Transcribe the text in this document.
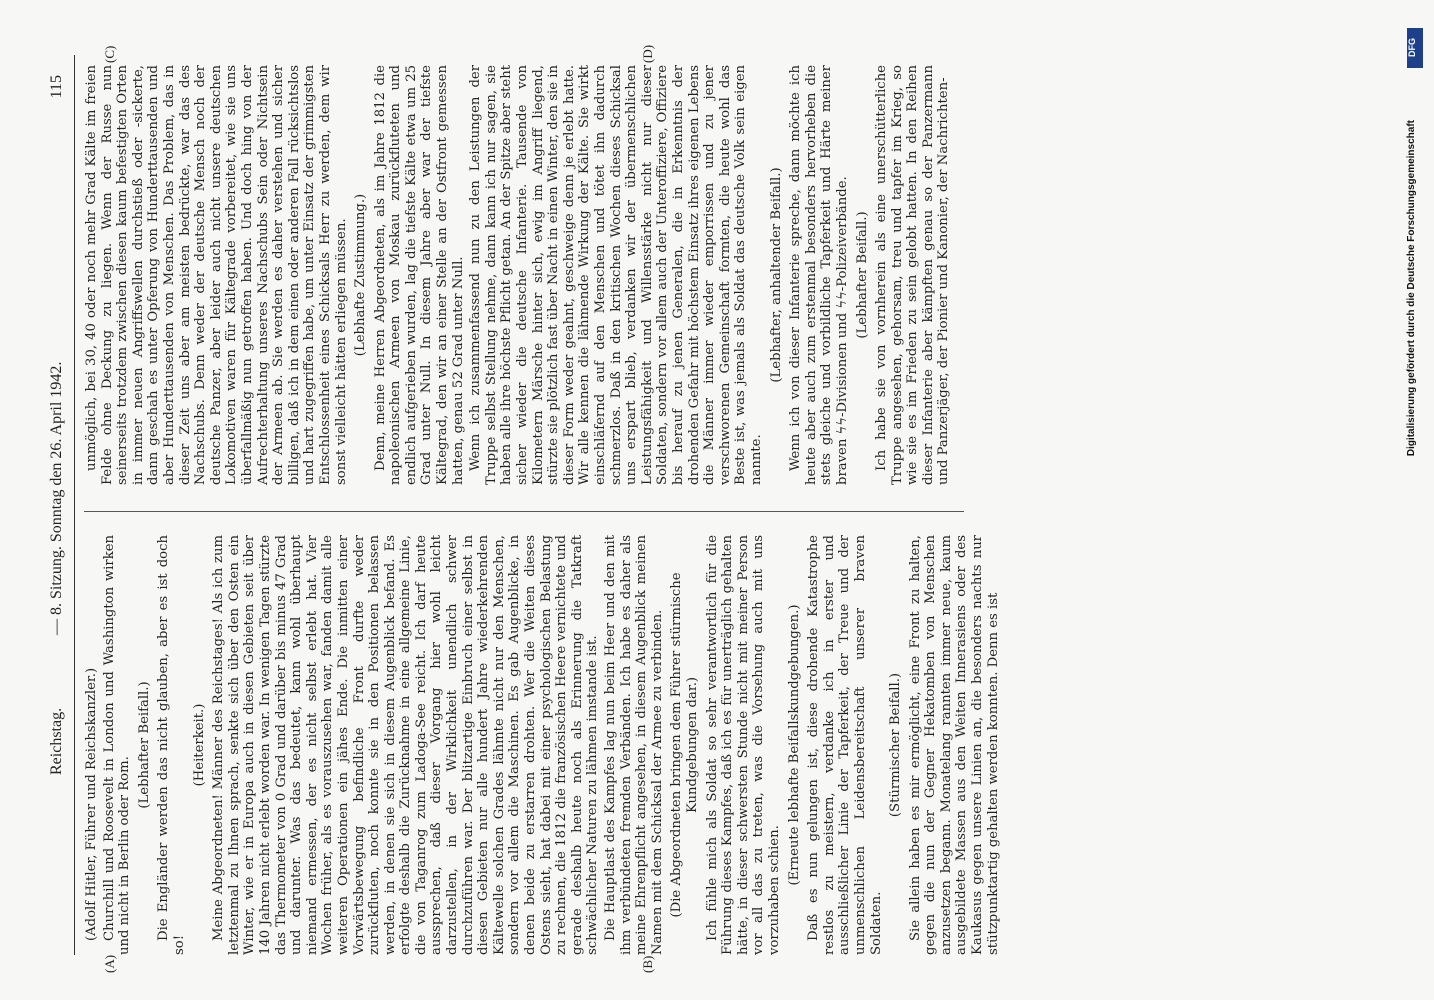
Reichstag.
— 8. Sitzung. Sonntag den 26. April 1942.
115
(A)	(B)
(C)	(D)

(Adolf Hitler, Führer und Reichskanzler.) Churchill und Roosevelt in London und Washington wirken und nicht in Berlin oder Rom.

(Lebhafter Beifall.) Die Engländer werden das nicht glauben, aber es ist doch so!

(Heiterkeit.) Meine Abgeordneten! Männer des Reichstages! Als ich zum letztenmal zu Ihnen sprach, senkte sich über den Osten ein Winter, wie er in Europa auch in diesen Gebieten seit über 140 Jahren nicht erlebt worden war. In wenigen Tagen stürzte das Thermometer von 0 Grad und darüber bis minus 47 Grad und darunter. Was das bedeutet, kann wohl überhaupt niemand ermessen, der es nicht selbst erlebt hat. Vier Wochen früher, als es vorauszusehen war, fanden damit alle weiteren Operationen ein jähes Ende. Die inmitten einer Vorwärtsbewegung befindliche Front durfte weder zurückfluten, noch konnte sie in den Positionen belassen werden, in denen sie sich in diesem Augenblick befand. Es erfolgte deshalb die Zurücknahme in eine allgemeine Linie, die von Taganrog zum Ladoga-See reicht. Ich darf heute aussprechen, daß dieser Vorgang hier wohl leicht darzustellen, in der Wirklichkeit unendlich schwer durchzuführen war. Der blitzartige Einbruch einer selbst in diesen Gebieten nur alle hundert Jahre wiederkehrenden Kältewelle solchen Grades lähmte nicht nur den Menschen, sondern vor allem die Maschinen. Es gab Augenblicke, in denen beide zu erstarren drohten. Wer die Weiten dieses Ostens sieht, hat dabei mit einer psychologischen Belastung zu rechnen, die 1812 die französischen Heere vernichtete und gerade deshalb heute noch als Erinnerung die Tatkraft schwächlicher Naturen zu lähmen imstande ist. Die Hauptlast des Kampfes lag nun beim Heer und den mit ihm verbündeten fremden Verbänden. Ich habe es daher als meine Ehrenpflicht angesehen, in diesem Augenblick meinen Namen mit dem Schicksal der Armee zu verbinden. (Die Abgeordneten bringen dem Führer stürmische Kundgebungen dar.) Ich fühle mich als Soldat so sehr verantwortlich für die Führung dieses Kampfes, daß ich es für unerträglich gehalten hätte, in dieser schwersten Stunde nicht mit meiner Person vor all das zu treten, was die Vorsehung auch mit uns vorzuhaben schien.

(Erneute lebhafte Beifallskundgebungen.) Daß es nun gelungen ist, diese drohende Katastrophe restlos zu meistern, verdanke ich in erster und ausschließlicher Linie der Tapferkeit, der Treue und der unmenschlichen Leidensbereitschaft unserer braven Soldaten.

(Stürmischer Beifall.) Sie allein haben es mir ermöglicht, eine Front zu halten, gegen die nun der Gegner Hekatomben von Menschen anzusetzen begann. Monatelang rannten immer neue, kaum ausgebildete Massen aus den Weiten Innerasiens oder des Kaukasus gegen unsere Linien an, die besonders nachts nur stützpunktartig gehalten werden konnten. Denn es ist

unmöglich, bei 30, 40 oder noch mehr Grad Kälte im freien Felde ohne Deckung zu liegen. Wenn der Russe nun seinerseits trotzdem zwischen diesen kaum befestigten Orten in immer neuen Angriffswellen durchstieß oder -sickerte, dann geschah es unter Opferung von Hunderttausenden und aber Hunderttausenden von Menschen. Das Problem, das in dieser Zeit uns aber am meisten bedrückte, war das des Nachschubs. Denn weder der deutsche Mensch noch der deutsche Panzer, aber leider auch nicht unsere deutschen Lokomotiven waren für Kältegrade vorbereitet, wie sie uns überfallmäßig nun getroffen haben. Und doch hing von der Aufrechterhaltung unseres Nachschubs Sein oder Nichtsein der Armeen ab. Sie werden es daher verstehen und sicher billigen, daß ich in dem einen oder anderen Fall rücksichtslos und hart zugegriffen habe, um unter Einsatz der grimmigsten Entschlossenheit eines Schicksals Herr zu werden, dem wir sonst vielleicht hätten erliegen müssen. (Lebhafte Zustimmung.) Denn, meine Herren Abgeordneten, als im Jahre 1812 die napoleonischen Armeen von Moskau zurückfluteten und endlich aufgerieben wurden, lag die tiefste Kälte etwa um 25 Grad unter Null. In diesem Jahre aber war der tiefste Kältegrad, den wir an einer Stelle an der Ostfront gemessen hatten, genau 52 Grad unter Null. Wenn ich zusammenfassend nun zu den Leistungen der Truppe selbst Stellung nehme, dann kann ich nur sagen, sie haben alle ihre höchste Pflicht getan. An der Spitze aber steht sicher wieder die deutsche Infanterie. Tausende von Kilometern Märsche hinter sich, ewig im Angriff liegend, stürzte sie plötzlich fast über Nacht in einen Winter, den sie in dieser Form weder geahnt, geschweige denn je erlebt hatte. Wir alle kennen die lähmende Wirkung der Kälte. Sie wirkt einschläfernd auf den Menschen und tötet ihn dadurch schmerzlos. Daß in den kritischen Wochen dieses Schicksal uns erspart blieb, verdanken wir der übermenschlichen Leistungsfähigkeit und Willensstärke nicht nur dieser Soldaten, sondern vor allem auch der Unteroffiziere, Offiziere bis herauf zu jenen Generalen, die in Erkenntnis der drohenden Gefahr mit höchstem Einsatz ihres eigenen Lebens die Männer immer wieder emporrissen und zu jener verschworenen Gemeinschaft formten, die heute wohl das Beste ist, was jemals als Soldat das deutsche Volk sein eigen nannte.

(Lebhafter, anhaltender Beifall.) Wenn ich von dieser Infanterie spreche, dann möchte ich heute aber auch zum erstenmal besonders hervorheben die stets gleiche und vorbildliche Tapferkeit und Härte meiner braven ϟϟ-Divisionen und ϟϟ-Polizeiverbände. (Lebhafter Beifall.) Ich habe sie von vornherein als eine unerschütterliche Truppe angesehen, gehorsam, treu und tapfer im Krieg, so wie sie es im Frieden zu sein gelobt hatten. In den Reihen dieser Infanterie aber kämpften genau so der Panzermann und Panzerjäger, der Pionier und Kanonier, der Nachrichten-

DFG
Digitalisierung gefördert durch die Deutsche Forschungsgemeinschaft
